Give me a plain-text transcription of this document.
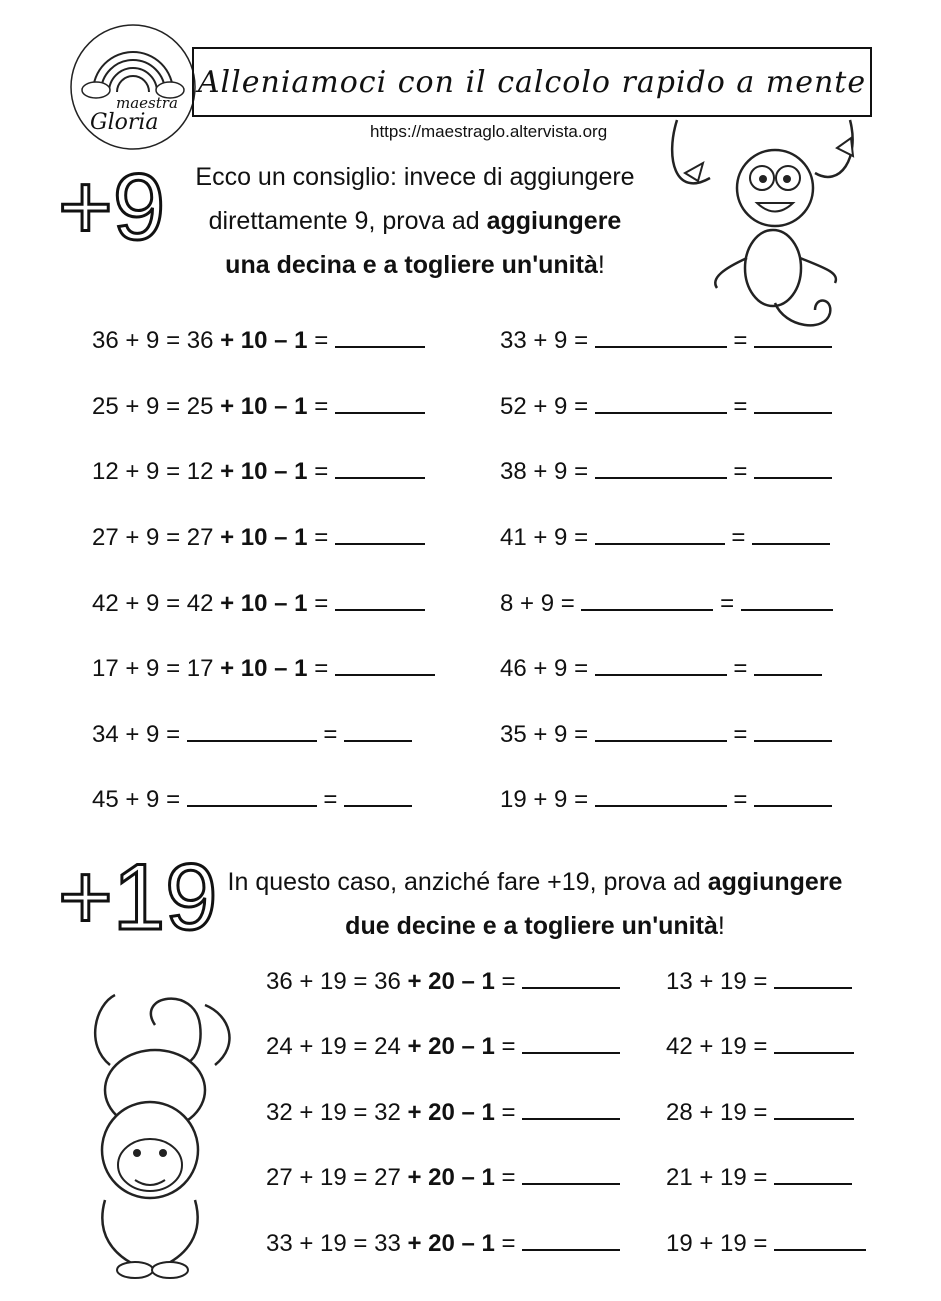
maestra
Gloria
Alleniamoci con il calcolo rapido a mente
https://maestraglo.altervista.org
+9	Ecco un consiglio: invece di aggiungere
direttamente 9, prova ad aggiungere
una decina e a togliere un'unità!
36 + 9 = 36 + 10 – 1 =
25 + 9 = 25 + 10 – 1 =
12 + 9 = 12 + 10 – 1 =
27 + 9 = 27 + 10 – 1 =
42 + 9 = 42 + 10 – 1 =
17 + 9 = 17 + 10 – 1 =
34 + 9 =	=
45 + 9 =	=
33 + 9 =	=
52 + 9 =	=
38 + 9 =	=
41 + 9 =	=
8 + 9 =	=
46 + 9 =	=
35 + 9 =	=
19 + 9 =	=
+19 In questo caso, anziché fare +19, prova ad aggiungere
due decine e a togliere un'unità!
36 + 19 = 36 + 20 – 1 =
24 + 19 = 24 + 20 – 1 =
32 + 19 = 32 + 20 – 1 =
27 + 19 = 27 + 20 – 1 =
33 + 19 = 33 + 20 – 1 =
13 + 19 =
42 + 19 =
28 + 19 =
21 + 19 =
19 + 19 =
